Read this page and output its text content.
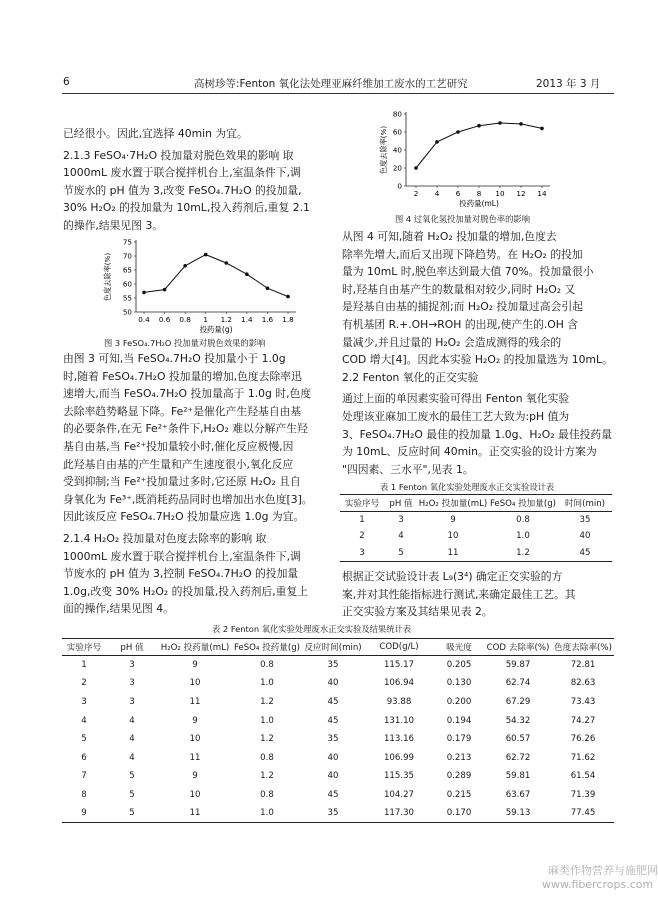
6	高树珍等:Fenton 氧化法处理亚麻纤维加工废水的工艺研究	2013 年 3 月

已经很小。因此,宜选择 40min 为宜。

2.1.3 FeSO₄·7H₂O 投加量对脱色效果的影响 取

1000mL 废水置于联合搅拌机台上,室温条件下,调

节废水的 pH 值为 3,改变 FeSO₄.7H₂O 的投加量,

30% H₂O₂ 的投加量为 10mL,投入药剂后,重复 2.1

的操作,结果见图 3。

50
55
60
65
70
75
0.4 0.6 0.8 1 1.2 1.4 1.6 1.8
投药量(g)
色度去除率(%)
图 3 FeSO₄.7H₂O 投加量对脱色效果的影响

由图 3 可知,当 FeSO₄.7H₂O 投加量小于 1.0g

时,随着 FeSO₄.7H₂O 投加量的增加,色度去除率迅

速增大,而当 FeSO₄.7H₂O 投加量高于 1.0g 时,色度

去除率趋势略显下降。Fe²⁺是催化产生羟基自由基

的必要条件,在无 Fe²⁺条件下,H₂O₂ 难以分解产生羟

基自由基,当 Fe²⁺投加量较小时,催化反应极慢,因

此羟基自由基的产生量和产生速度很小,氧化反应

受到抑制;当 Fe²⁺投加量过多时,它还原 H₂O₂ 且自

身氧化为 Fe³⁺,既消耗药品同时也增加出水色度[3]。

因此该反应 FeSO₄.7H₂O 投加量应选 1.0g 为宜。

2.1.4 H₂O₂ 投加量对色度去除率的影响 取

1000mL 废水置于联合搅拌机台上,室温条件下,调

节废水的 pH 值为 3,控制 FeSO₄.7H₂O 的投加量

1.0g,改变 30% H₂O₂ 的投加量,投入药剂后,重复上

面的操作,结果见图 4。

0
20
40
60
80
2 4 6 8 10 12 14
投药量(mL)
色度去除率(%)
图 4 过氧化氢投加量对脱色率的影响

从图 4 可知,随着 H₂O₂ 投加量的增加,色度去

除率先增大,而后又出现下降趋势。在 H₂O₂ 的投加

量为 10mL 时,脱色率达到最大值 70%。投加量很小

时,羟基自由基产生的数量相对较少,同时 H₂O₂ 又

是羟基自由基的捕捉剂;而 H₂O₂ 投加量过高会引起

有机基团 R.+.OH→ROH 的出现,使产生的.OH 含

量减少,并且过量的 H₂O₂ 会造成测得的残余的

COD 增大[4]。因此本实验 H₂O₂ 的投加量选为 10mL。

2.2 Fenton 氧化的正交实验

通过上面的单因素实验可得出 Fenton 氧化实验

处理该亚麻加工废水的最佳工艺大致为:pH 值为

3、FeSO₄.7H₂O 最佳的投加量 1.0g、H₂O₂ 最佳投药量

为 10mL、反应时间 40min。正交实验的设计方案为

"四因素、三水平",见表 1。

表 1 Fenton 氧化实验处理废水正交实验设计表
实验序号	pH 值	H₂O₂ 投加量(mL)	FeSO₄ 投加量(g)	时间(min)
1	3	9	0.8	35
2	4	10	1.0	40
3	5	11	1.2	45

根据正交试验设计表 L₉(3⁴) 确定正交实验的方

案,并对其性能指标进行测试,来确定最佳工艺。其

正交实验方案及其结果见表 2。

表 2 Fenton 氧化实验处理废水正交实验及结果统计表
实验序号	pH 值	H₂O₂ 投药量(mL)	FeSO₄ 投药量(g)	反应时间(min)	COD(g/L)	吸光度	COD 去除率(%)	色度去除率(%)
1	3	9	0.8	35	115.17	0.205	59.87	72.81
2	3	10	1.0	40	106.94	0.130	62.74	82.63
3	3	11	1.2	45	93.88	0.200	67.29	73.43
4	4	9	1.0	45	131.10	0.194	54.32	74.27
5	4	10	1.2	35	113.16	0.179	60.57	76.26
6	4	11	0.8	40	106.99	0.213	62.72	71.62
7	5	9	1.2	40	115.35	0.289	59.81	61.54
8	5	10	0.8	45	104.27	0.215	63.67	71.39
9	5	11	1.0	35	117.30	0.170	59.13	77.45
麻类作物营养与施肥网
www.fibercrops.com
